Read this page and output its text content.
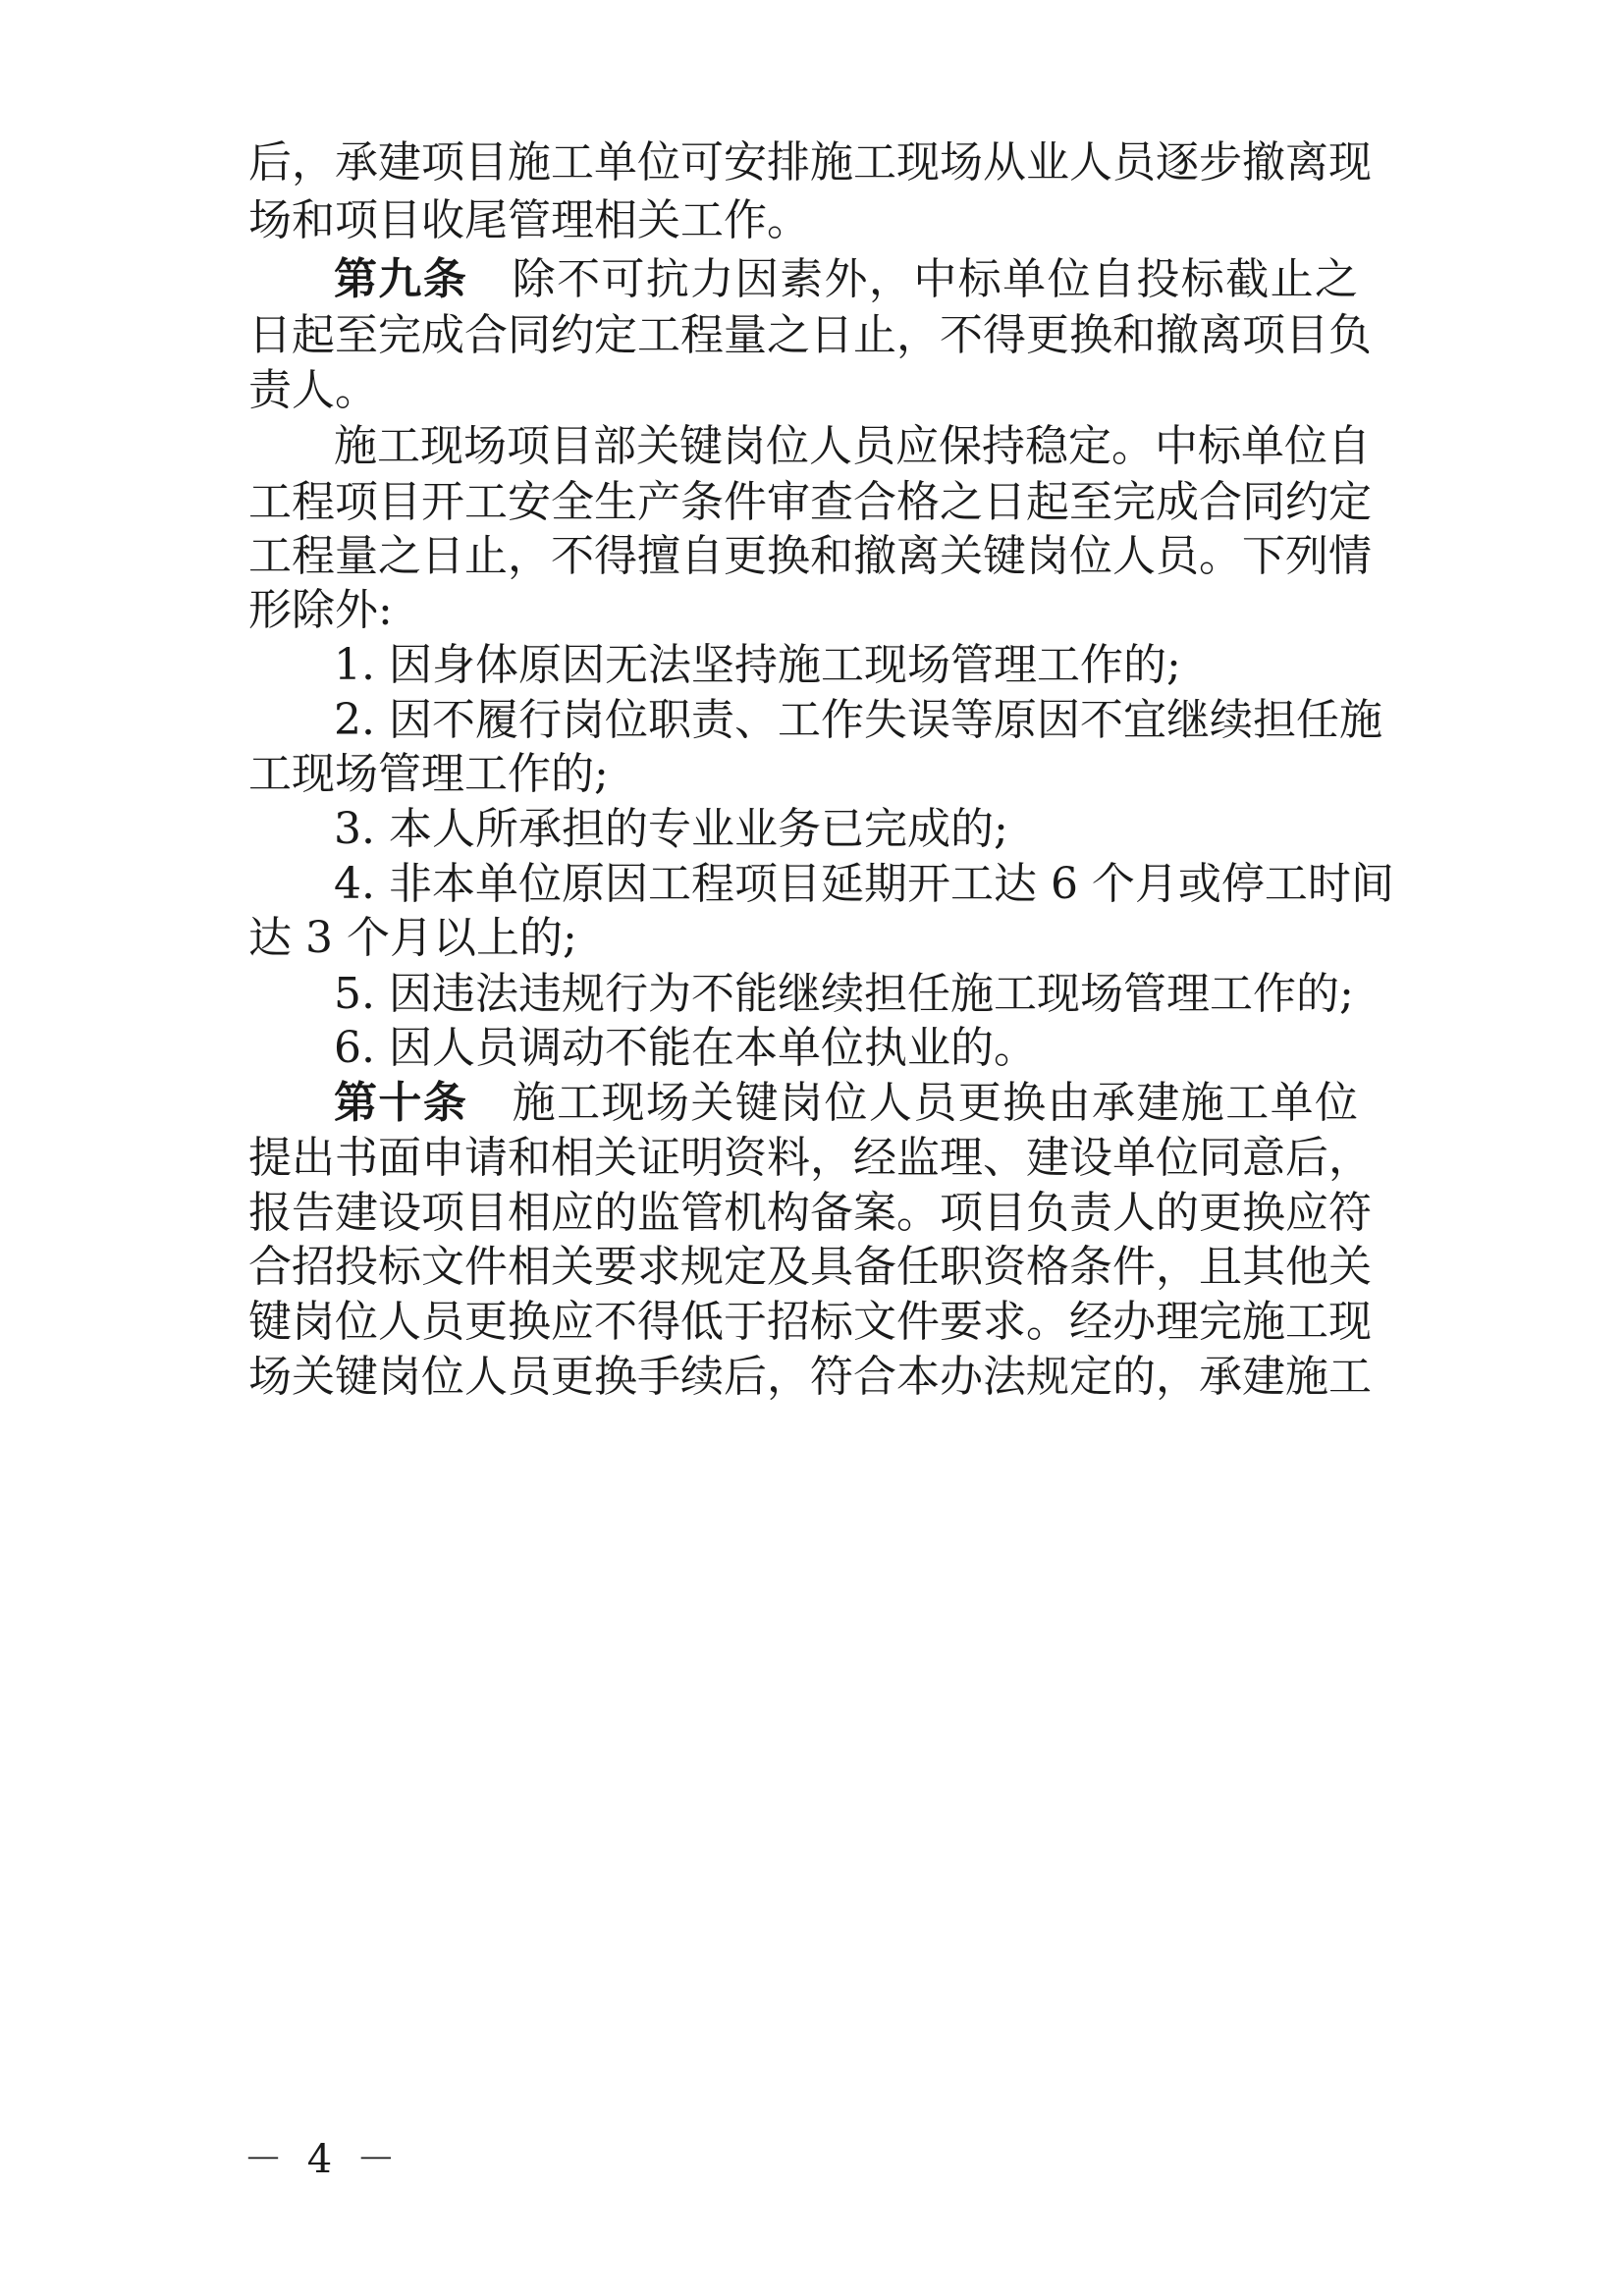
后，承建项目施工单位可安排施工现场从业人员逐步撤离现
场和项目收尾管理相关工作。
第九条　 除不可抗力因素外，中标单位自投标截止之
日起至完成合同约定工程量之日止，不得更换和撤离项目负
责人。
施工现场项目部关键岗位人员应保持稳定。中标单位自
工程项目开工安全生产条件审查合格之日起至完成合同约定
工程量之日止，不得擅自更换和撤离关键岗位人员。下列情
形除外:
1. 因身体原因无法坚持施工现场管理工作的;
2. 因不履行岗位职责、工作失误等原因不宜继续担任施
工现场管理工作的;
3. 本人所承担的专业业务已完成的;
4. 非本单位原因工程项目延期开工达 6 个月或停工时间
达 3 个月以上的;
5. 因违法违规行为不能继续担任施工现场管理工作的;
6. 因人员调动不能在本单位执业的。
第十条　 施工现场关键岗位人员更换由承建施工单位
提出书面申请和相关证明资料，经监理、建设单位同意后，
报告建设项目相应的监管机构备案。项目负责人的更换应符
合招投标文件相关要求规定及具备任职资格条件，且其他关
键岗位人员更换应不得低于招标文件要求。经办理完施工现
场关键岗位人员更换手续后，符合本办法规定的，承建施工
－ 4 －
